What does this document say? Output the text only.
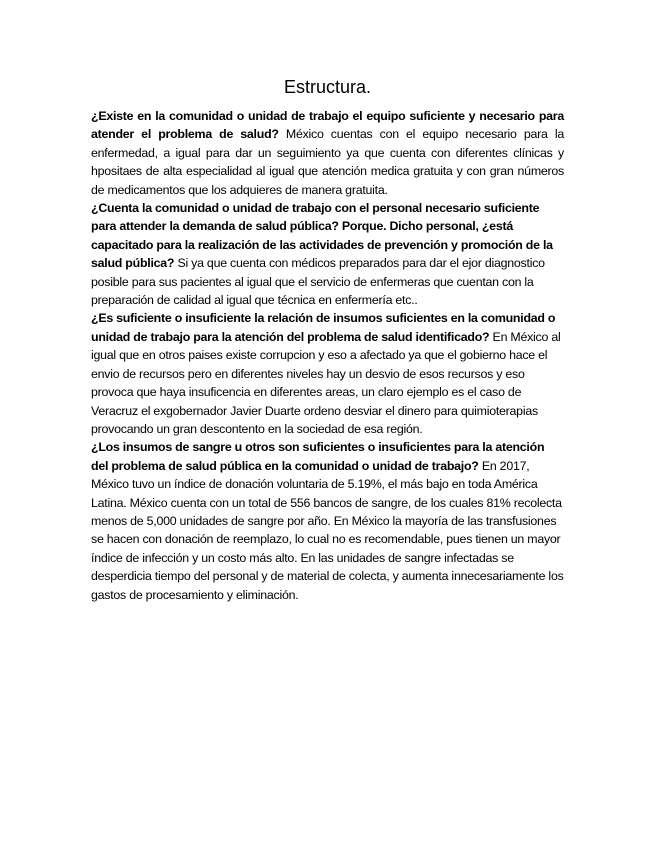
Estructura.

¿Existe en la comunidad o unidad de trabajo el equipo suficiente y necesario para atender el problema de salud? México cuentas con el equipo necesario para la enfermedad, a igual para dar un seguimiento ya que cuenta con diferentes clínicas y hpositaes de alta especialidad al igual que atención medica gratuita y con gran números de medicamentos que los adquieres de manera gratuita.

¿Cuenta la comunidad o unidad de trabajo con el personal necesario suficiente para attender la demanda de salud pública? Porque. Dicho personal, ¿está capacitado para la realización de las actividades de prevención y promoción de la salud pública? Si ya que cuenta con médicos preparados para dar el ejor diagnostico posible para sus pacientes al igual que el servicio de enfermeras que cuentan con la preparación de calidad al igual que técnica en enfermería etc..

¿Es suficiente o insuficiente la relación de insumos suficientes en la comunidad o unidad de trabajo para la atención del problema de salud identificado? En México al igual que en otros paises existe corrupcion y eso a afectado ya que el gobierno hace el envio de recursos pero en diferentes niveles hay un desvio de esos recursos y eso provoca que haya insuficencia en diferentes areas, un claro ejemplo es el caso de Veracruz el exgobernador Javier Duarte ordeno desviar el dinero para quimioterapias provocando un gran descontento en la sociedad de esa región.

¿Los insumos de sangre u otros son suficientes o insuficientes para la atención del problema de salud pública en la comunidad o unidad de trabajo? En 2017, México tuvo un índice de donación voluntaria de 5.19%, el más bajo en toda América Latina. México cuenta con un total de 556 bancos de sangre, de los cuales 81% recolecta menos de 5,000 unidades de sangre por año. En México la mayoría de las transfusiones se hacen con donación de reemplazo, lo cual no es recomendable, pues tienen un mayor índice de infección y un costo más alto. En las unidades de sangre infectadas se desperdicia tiempo del personal y de material de colecta, y aumenta innecesariamente los gastos de procesamiento y eliminación.
